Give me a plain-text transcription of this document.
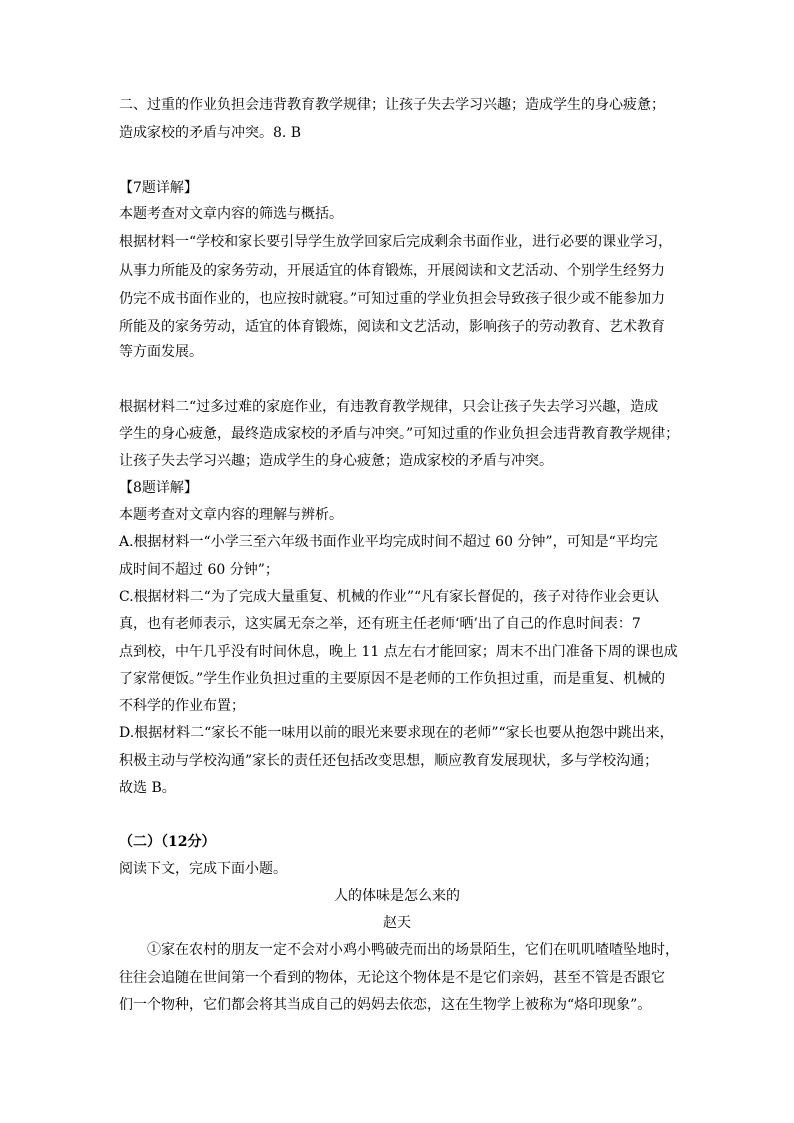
二、过重的作业负担会违背教育教学规律；让孩子失去学习兴趣；造成学生的身心疲惫；
造成家校的矛盾与冲突。8. B
【7题详解】
本题考查对文章内容的筛选与概括。
根据材料一“学校和家长要引导学生放学回家后完成剩余书面作业，进行必要的课业学习，
从事力所能及的家务劳动，开展适宜的体育锻炼，开展阅读和文艺活动、个别学生经努力
仍完不成书面作业的，也应按时就寝。”可知过重的学业负担会导致孩子很少或不能参加力
所能及的家务劳动，适宜的体育锻炼，阅读和文艺活动，影响孩子的劳动教育、艺术教育
等方面发展。
根据材料二“过多过难的家庭作业，有违教育教学规律，只会让孩子失去学习兴趣，造成
学生的身心疲惫，最终造成家校的矛盾与冲突。”可知过重的作业负担会违背教育教学规律；
让孩子失去学习兴趣；造成学生的身心疲惫；造成家校的矛盾与冲突。
【8题详解】
本题考查对文章内容的理解与辨析。
A.根据材料一“小学三至六年级书面作业平均完成时间不超过 60 分钟”，可知是“平均完
成时间不超过 60 分钟”；
C.根据材料二“为了完成大量重复、机械的作业”“凡有家长督促的，孩子对待作业会更认
真，也有老师表示，这实属无奈之举，还有班主任老师‘晒’出了自己的作息时间表：7
点到校，中午几乎没有时间休息，晚上 11 点左右才能回家；周末不出门准备下周的课也成
了家常便饭。”学生作业负担过重的主要原因不是老师的工作负担过重，而是重复、机械的
不科学的作业布置；
D.根据材料二“家长不能一味用以前的眼光来要求现在的老师”“家长也要从抱怨中跳出来，
积极主动与学校沟通”家长的责任还包括改变思想，顺应教育发展现状，多与学校沟通；
故选 B。
（二）（12分）
阅读下文，完成下面小题。
人的体味是怎么来的
赵天
①家在农村的朋友一定不会对小鸡小鸭破壳而出的场景陌生，它们在叽叽喳喳坠地时，
往往会追随在世间第一个看到的物体，无论这个物体是不是它们亲妈，甚至不管是否跟它
们一个物种，它们都会将其当成自己的妈妈去依恋，这在生物学上被称为“烙印现象”。
